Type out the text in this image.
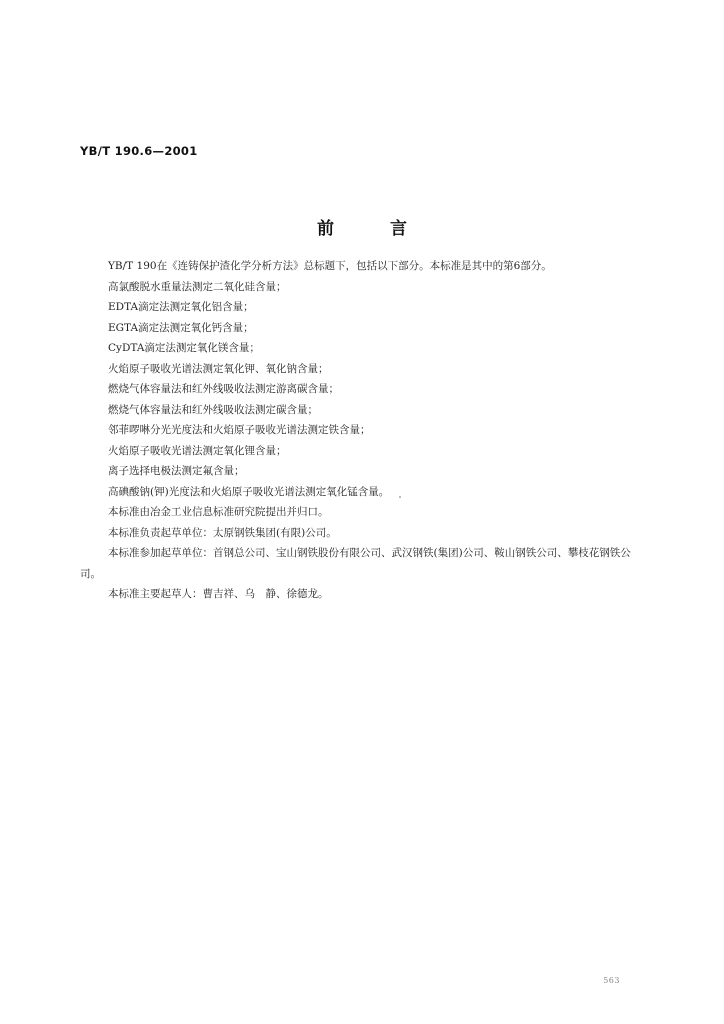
YB/T 190.6—2001
前言

YB/T 190在《连铸保护渣化学分析方法》总标题下，包括以下部分。本标准是其中的第6部分。

高氯酸脱水重量法测定二氧化硅含量；

EDTA滴定法测定氧化铝含量；

EGTA滴定法测定氧化钙含量；

CyDTA滴定法测定氧化镁含量；

火焰原子吸收光谱法测定氧化钾、氧化钠含量；

燃烧气体容量法和红外线吸收法测定游离碳含量；

燃烧气体容量法和红外线吸收法测定碳含量；

邻菲啰啉分光光度法和火焰原子吸收光谱法测定铁含量；

火焰原子吸收光谱法测定氧化锂含量；

离子选择电极法测定氟含量；

高碘酸钠(钾)光度法和火焰原子吸收光谱法测定氧化锰含量。

本标准由冶金工业信息标准研究院提出并归口。

本标准负责起草单位：太原钢铁集团(有限)公司。

本标准参加起草单位：首钢总公司、宝山钢铁股份有限公司、武汉钢铁(集团)公司、鞍山钢铁公司、攀枝花钢铁公司。

本标准主要起草人：曹吉祥、乌　静、徐德龙。

563
